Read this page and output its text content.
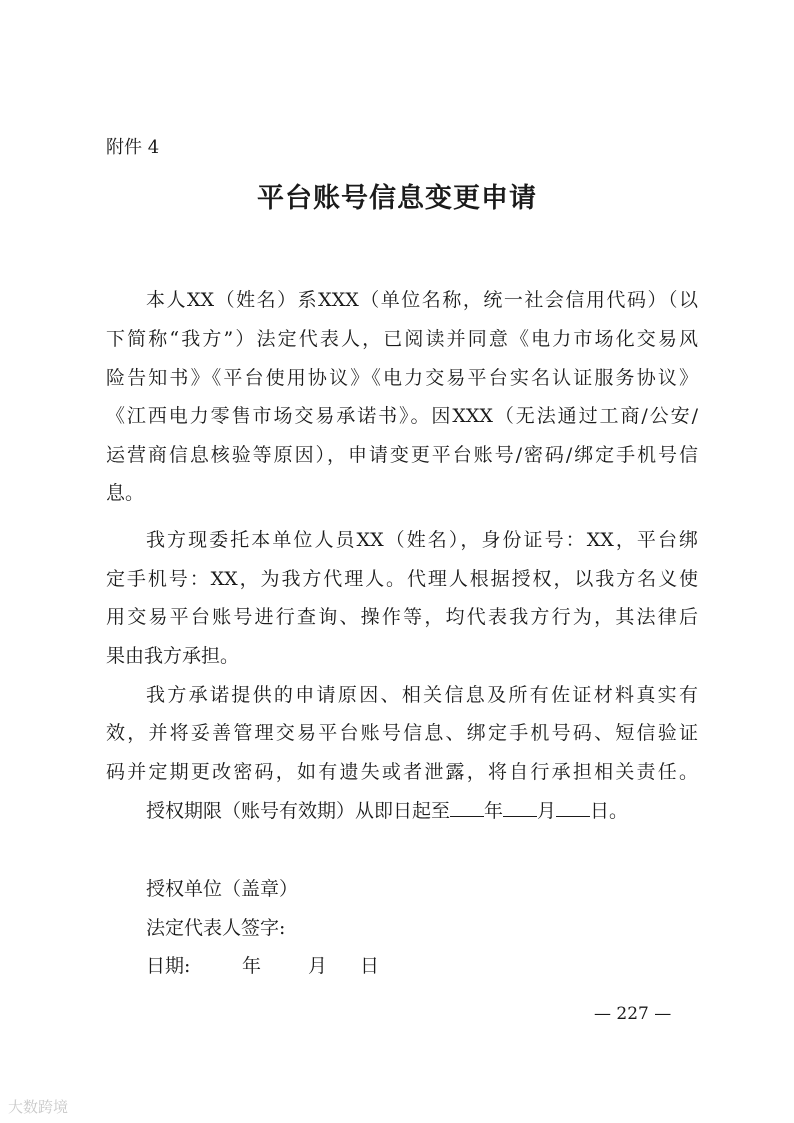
附件 4
平台账号信息变更申请
本人XX（姓名）系XXX（单位名称，统一社会信用代码）（以
下简称“我方”）法定代表人，已阅读并同意《电力市场化交易风
险告知书》《平台使用协议》《电力交易平台实名认证服务协议》
《江西电力零售市场交易承诺书》。因XXX（无法通过工商/公安/
运营商信息核验等原因），申请变更平台账号/密码/绑定手机号信
息。
我方现委托本单位人员XX（姓名），身份证号：XX，平台绑
定手机号：XX，为我方代理人。代理人根据授权，以我方名义使
用交易平台账号进行查询、操作等，均代表我方行为，其法律后
果由我方承担。
我方承诺提供的申请原因、相关信息及所有佐证材料真实有
效，并将妥善管理交易平台账号信息、绑定手机号码、短信验证
码并定期更改密码，如有遗失或者泄露，将自行承担相关责任。
授权期限（账号有效期）从即日起至 年 月 日。
授权单位（盖章）
法定代表人签字:
日期:	年 月 日
— 227 —
大数跨境
